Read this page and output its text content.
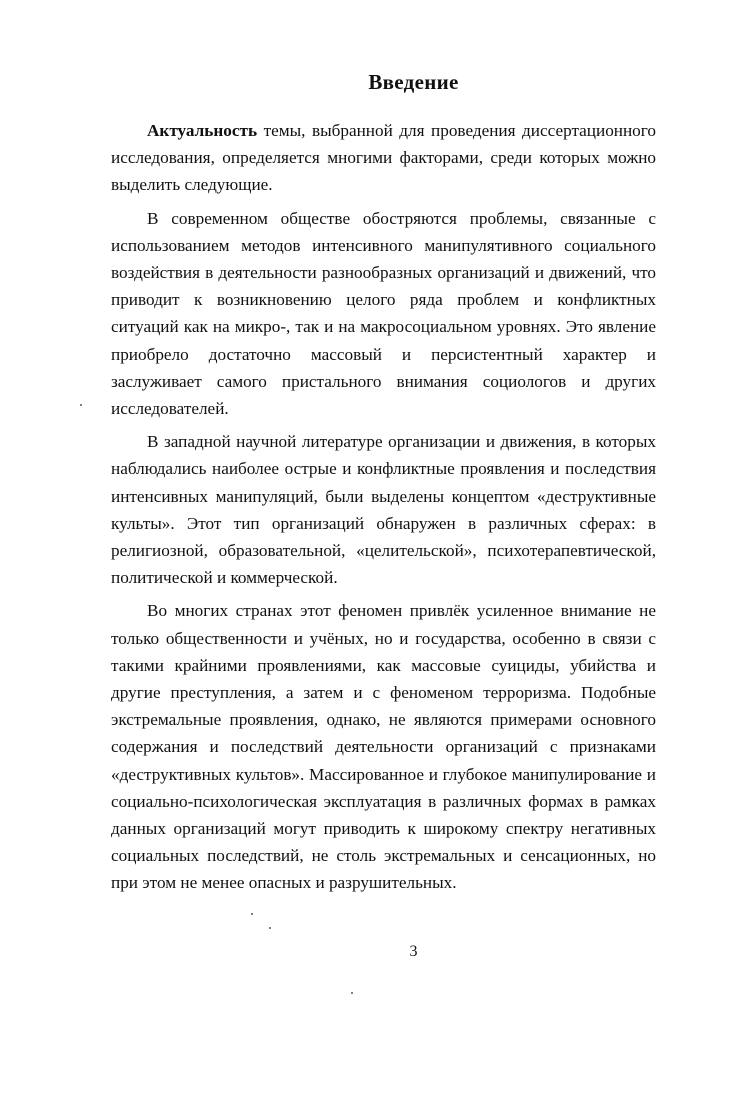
Введение

Актуальность темы, выбранной для проведения диссертационного исследования, определяется многими факторами, среди которых можно выделить следующие.

В современном обществе обостряются проблемы, связанные с использованием методов интенсивного манипулятивного социального воздействия в деятельности разнообразных организаций и движений, что приводит к возникновению целого ряда проблем и конфликтных ситуаций как на микро-, так и на макросоциальном уровнях. Это явление приобрело достаточно массовый и персистентный характер и заслуживает самого пристального внимания социологов и других исследователей.

В западной научной литературе организации и движения, в которых наблюдались наиболее острые и конфликтные проявления и последствия интенсивных манипуляций, были выделены концептом «деструктивные культы». Этот тип организаций обнаружен в различных сферах: в религиозной, образовательной, «целительской», психотерапевтической, политической и коммерческой.

Во многих странах этот феномен привлёк усиленное внимание не только общественности и учёных, но и государства, особенно в связи с такими крайними проявлениями, как массовые суициды, убийства и другие преступления, а затем и с феноменом терроризма. Подобные экстремальные проявления, однако, не являются примерами основного содержания и последствий деятельности организаций с признаками «деструктивных культов». Массированное и глубокое манипулирование и социально-психологическая эксплуатация в различных формах в рамках данных организаций могут приводить к широкому спектру негативных социальных последствий, не столь экстремальных и сенсационных, но при этом не менее опасных и разрушительных.

3
